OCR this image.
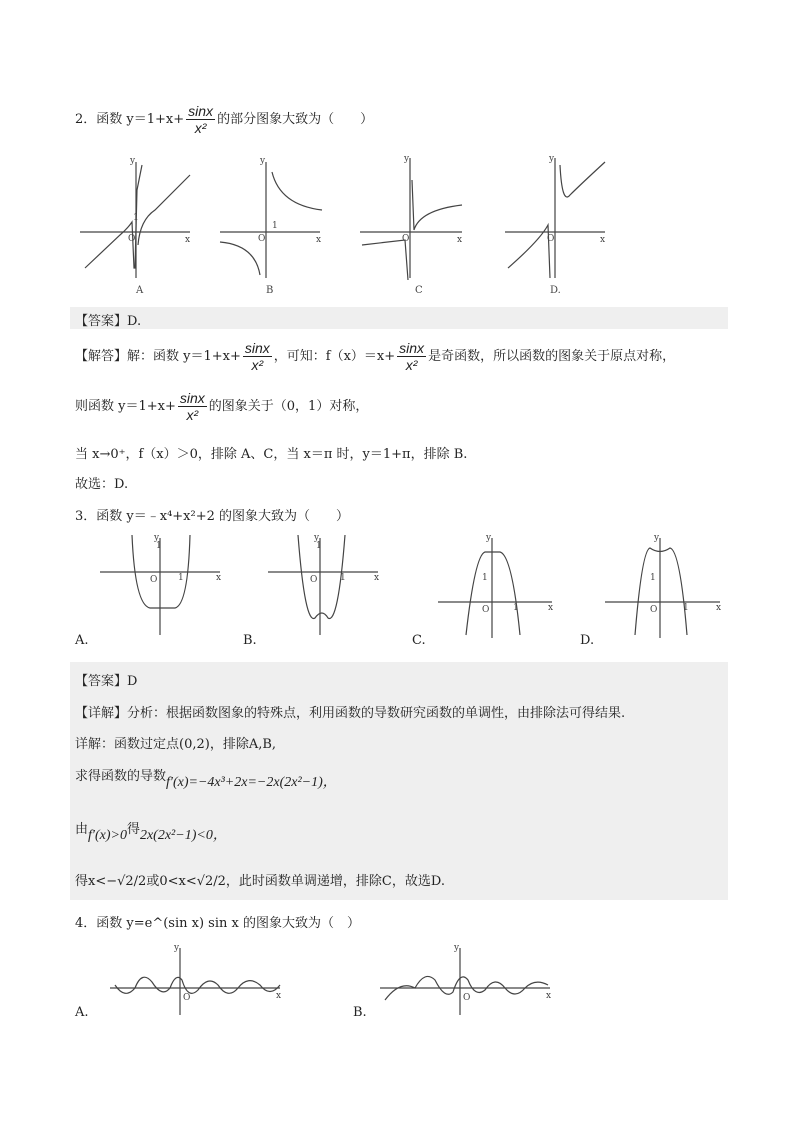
2．函数 $y=1+x+ \frac{\sin x}{\text{x²}}$ 的部分图象大致为（　　）
y
x
O
1
y
x
O
1
y
x
O
y
x
O
A	B	C	D.
【答案】D.
【解答】解：函数 $y=1+x+ \frac{\sin x}{\text{x²}}$ ，可知：$f(x)=x+ \frac{\sin x}{\text{x²}}$ 是奇函数，所以函数的图象关于原点对称，
则函数 $y=1+x+ \frac{\sin x}{\text{x²}}$ 的图象关于（0，1）对称，
当 x→0⁺，f（x）＞0，排除 A、C，当 x＝π 时，y＝1+π，排除 B.
故选：D.
3．函数 y＝﹣x⁴+x²+2 的图象大致为（　　）
y
1
x
O 1
y
1
x
O	1
y
1
x
O	1
y
1
x
O	1
A.	B.	C.	D.
【答案】D
【详解】分析：根据函数图象的特殊点，利用函数的导数研究函数的单调性，由排除法可得结果.
详解：函数过定点(0,2)，排除A,B,
求得函数的导数f′(x)=−4x³+2x=−2x(2x²−1)，
由f′(x)>0得2x(2x²−1)<0，
得x<−√2/2或0<x<√2/2，此时函数单调递增，排除C，故选D.
4．函数 y=e^(sin x) sin x 的图象大致为（　）
y
x
O
y
x
O
A.	B.
